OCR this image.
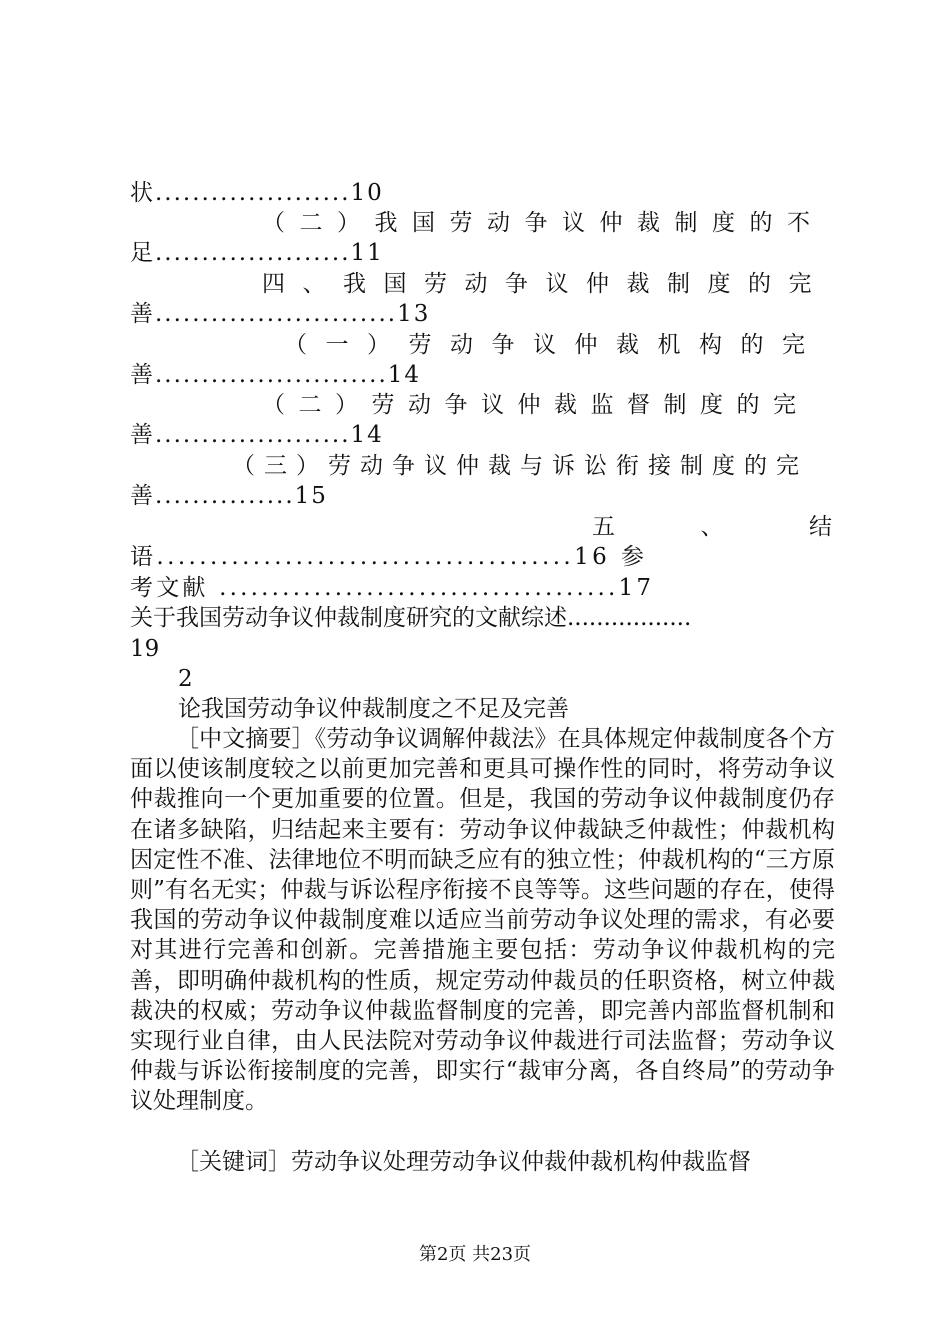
状.....................10
（二）我国劳动争议仲裁制度的不
足.....................11
四、我国劳动争议仲裁制度的完
善..........................13
（一）劳动争议仲裁机构的完
善.........................14
（二）劳动争议仲裁监督制度的完
善.....................14
（三）劳动争议仲裁与诉讼衔接制度的完
善...............15
五	、	结
语.......................................16 参
考文献 ......................................17
关于我国劳动争议仲裁制度研究的文献综述.................
19
2
论我国劳动争议仲裁制度之不足及完善
［中文摘要］《劳动争议调解仲裁法》在具体规定仲裁制度各个方面以使该制度较之以前更加完善和更具可操作性的同时，将劳动争议仲裁推向一个更加重要的位置。但是，我国的劳动争议仲裁制度仍存在诸多缺陷，归结起来主要有：劳动争议仲裁缺乏仲裁性；仲裁机构因定性不准、法律地位不明而缺乏应有的独立性；仲裁机构的“三方原则”有名无实；仲裁与诉讼程序衔接不良等等。这些问题的存在，使得我国的劳动争议仲裁制度难以适应当前劳动争议处理的需求，有必要对其进行完善和创新。完善措施主要包括：劳动争议仲裁机构的完善，即明确仲裁机构的性质，规定劳动仲裁员的任职资格，树立仲裁裁决的权威；劳动争议仲裁监督制度的完善，即完善内部监督机制和实现行业自律，由人民法院对劳动争议仲裁进行司法监督；劳动争议仲裁与诉讼衔接制度的完善，即实行“裁审分离，各自终局”的劳动争议处理制度。
［关键词］劳动争议处理劳动争议仲裁仲裁机构仲裁监督
第2页 共23页
